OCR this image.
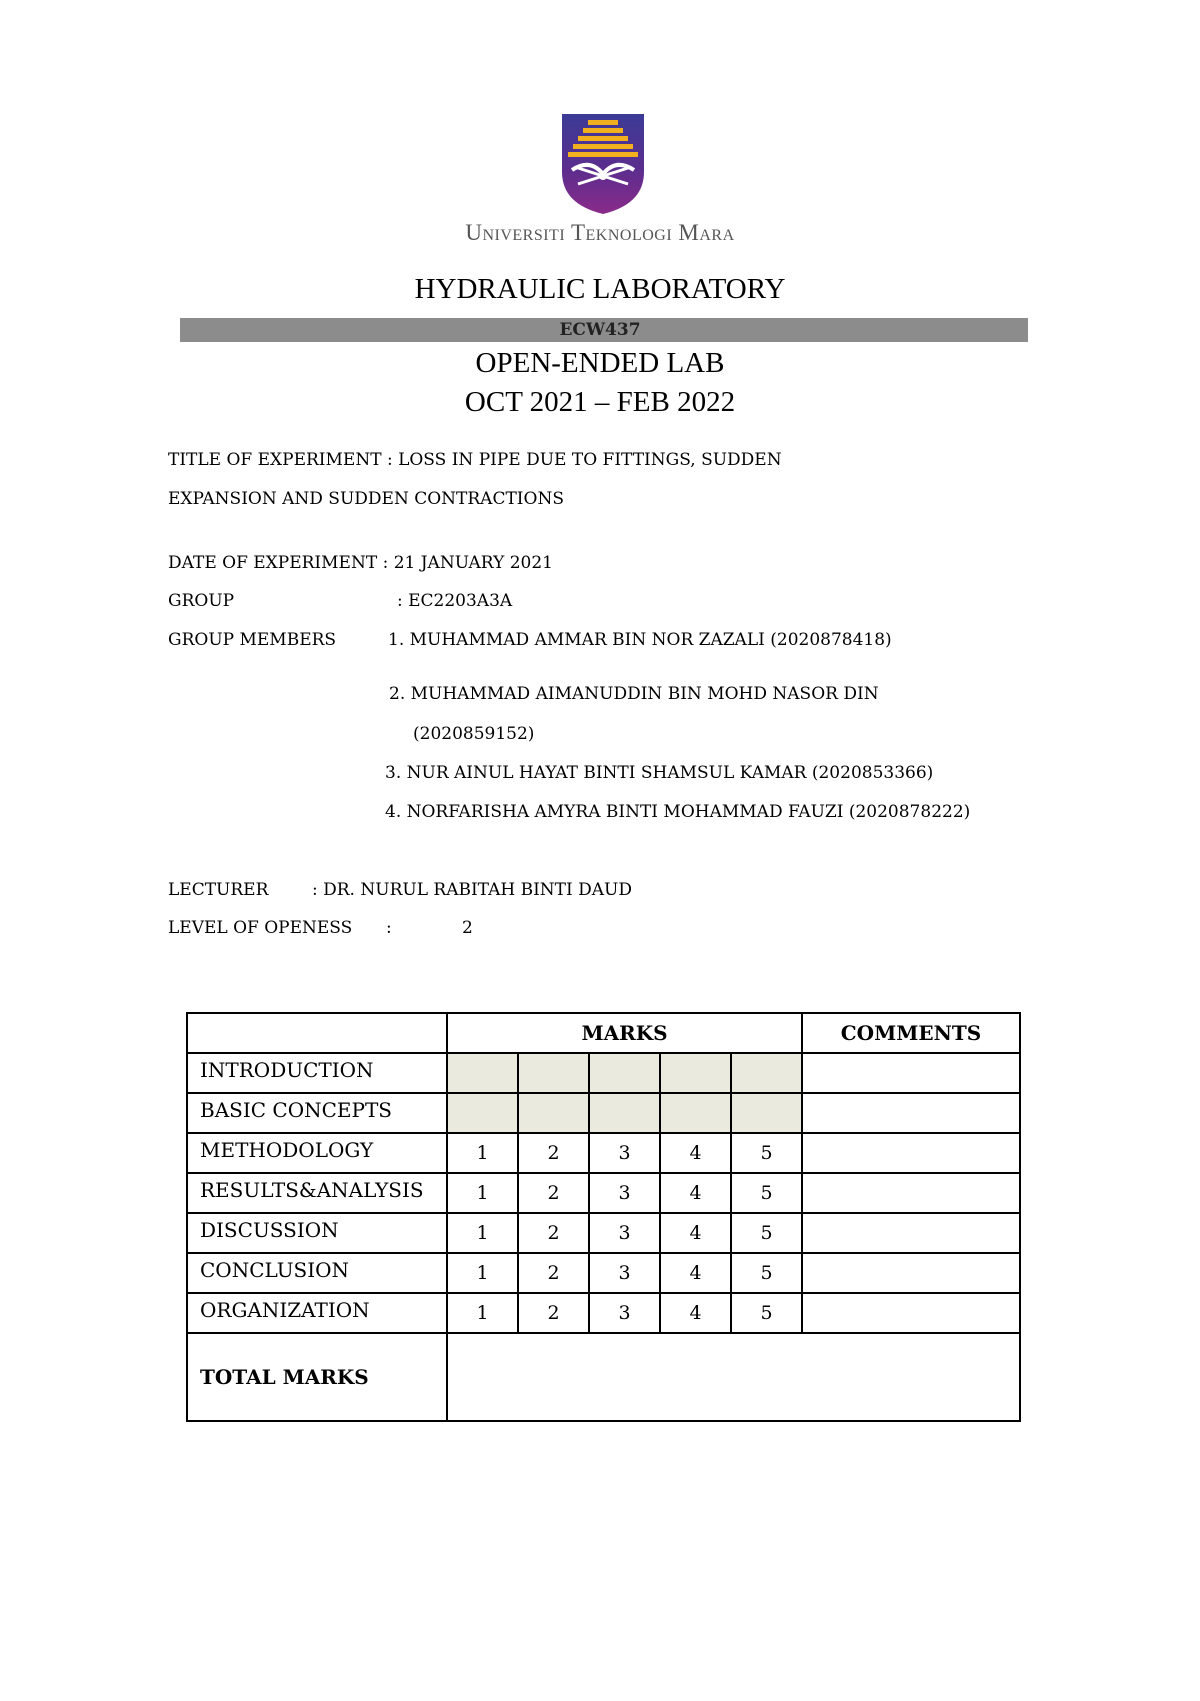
Universiti Teknologi Mara
HYDRAULIC LABORATORY
ECW437
OPEN-ENDED LAB
OCT 2021 – FEB 2022
TITLE OF EXPERIMENT : LOSS IN PIPE DUE TO FITTINGS, SUDDEN
EXPANSION AND SUDDEN CONTRACTIONS
DATE OF EXPERIMENT : 21 JANUARY 2021
GROUP	: EC2203A3A
GROUP MEMBERS	1. MUHAMMAD AMMAR BIN NOR ZAZALI (2020878418)
2. MUHAMMAD AIMANUDDIN BIN MOHD NASOR DIN
(2020859152)
3. NUR AINUL HAYAT BINTI SHAMSUL KAMAR (2020853366)
4. NORFARISHA AMYRA BINTI MOHAMMAD FAUZI (2020878222)
LECTURER	: DR. NURUL RABITAH BINTI DAUD
LEVEL OF OPENESS :	2
	MARKS					COMMENTS
INTRODUCTION						
BASIC CONCEPTS						
METHODOLOGY	1	2	3	4	5	
RESULTS&ANALYSIS	1	2	3	4	5	
DISCUSSION	1	2	3	4	5	
CONCLUSION	1	2	3	4	5	
ORGANIZATION	1	2	3	4	5	
TOTAL MARKS						
